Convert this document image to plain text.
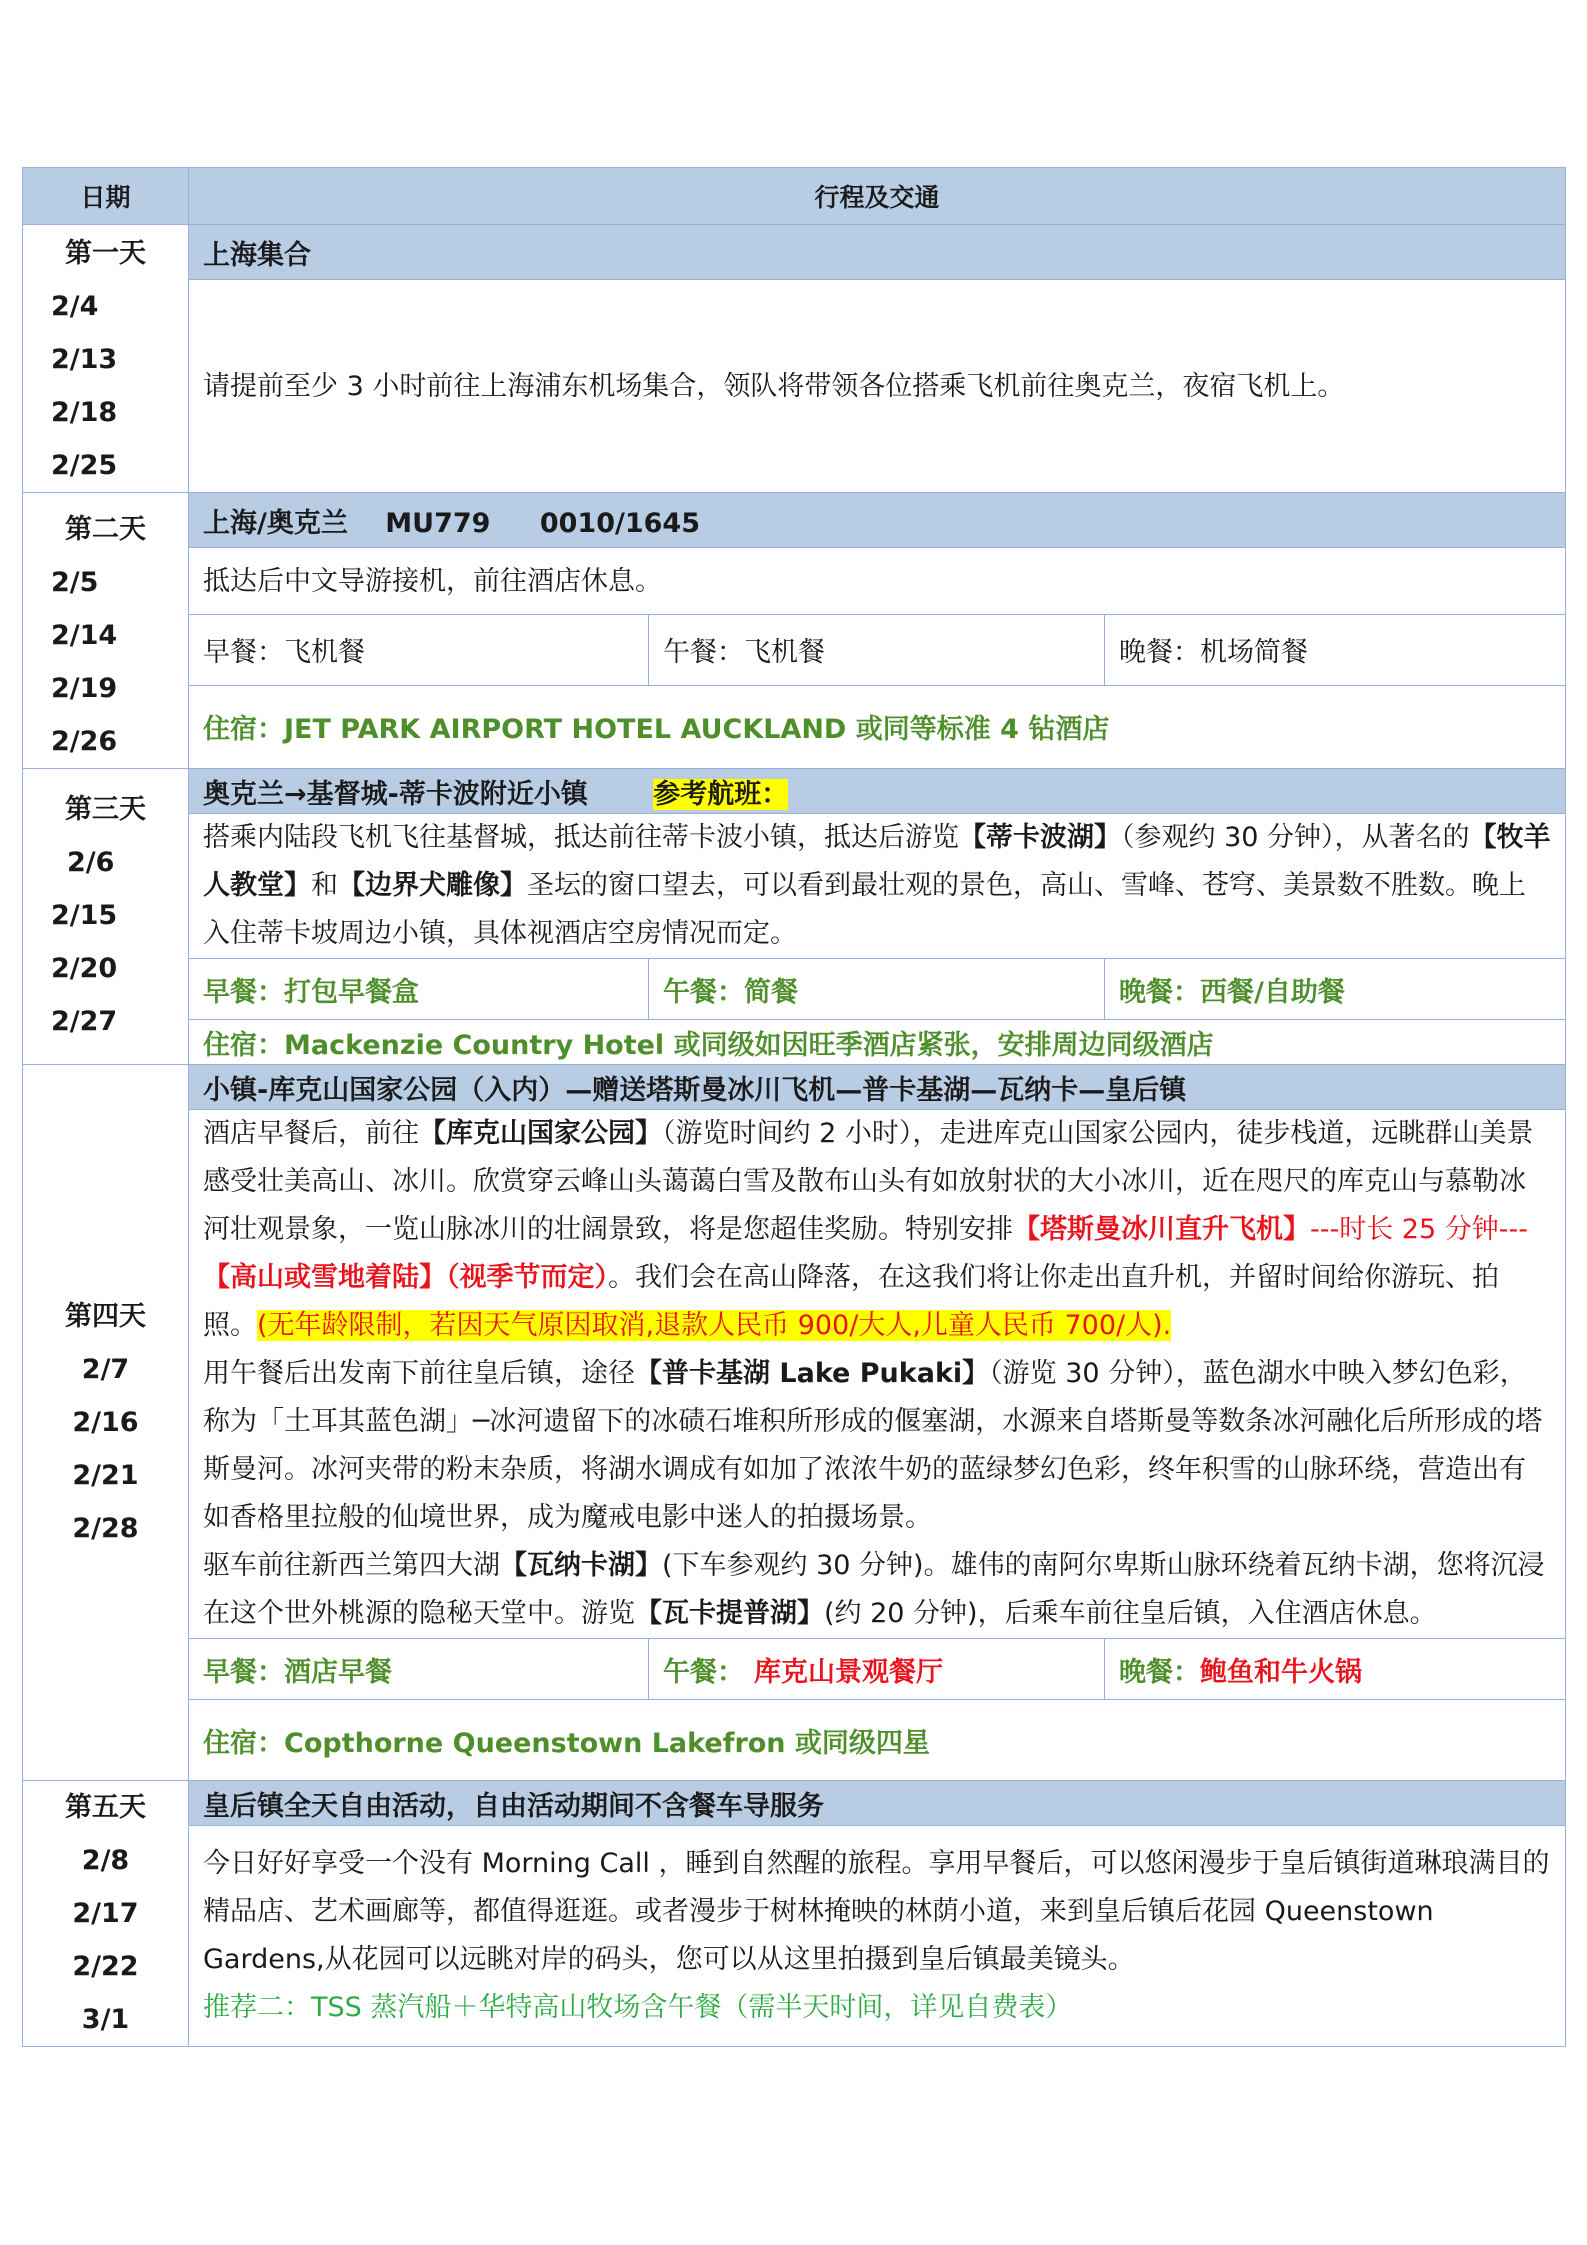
日期	行程及交通		

第一天
2/4
2/13
2/18
2/25	上海集合		
	请提前至少 3 小时前往上海浦东机场集合，领队将带领各位搭乘飞机前往奥克兰，夜宿飞机上。		

第二天
2/5
2/14
2/19
2/26	上海/奥克兰 MU779 0010/1645		
	抵达后中文导游接机，前往酒店休息。		
	早餐：飞机餐	午餐：飞机餐	晚餐：机场简餐
	住宿：JET PARK AIRPORT HOTEL AUCKLAND 或同等标准 4 钻酒店		

第三天
2/6
2/15
2/20
2/27	奥克兰→基督城-蒂卡波附近小镇 参考航班：		
	搭乘内陆段飞机飞往基督城，抵达前往蒂卡波小镇，抵达后游览【蒂卡波湖】（参观约 30 分钟），从著名的【牧羊人教堂】和【边界犬雕像】圣坛的窗口望去，可以看到最壮观的景色，高山、雪峰、苍穹、美景数不胜数。晚上入住蒂卡坡周边小镇，具体视酒店空房情况而定。		
	早餐：打包早餐盒	午餐：简餐	晚餐：西餐/自助餐
	住宿：Mackenzie Country Hotel 或同级如因旺季酒店紧张，安排周边同级酒店		

第四天
2/7
2/16
2/21
2/28	小镇-库克山国家公园（入内）—赠送塔斯曼冰川飞机—普卡基湖—瓦纳卡—皇后镇		

	酒店早餐后，前往【库克山国家公园】（游览时间约 2 小时），走进库克山国家公园内，徒步栈道，远眺群山美景感受壮美高山、冰川。欣赏穿云峰山头蔼蔼白雪及散布山头有如放射状的大小冰川，近在咫尺的库克山与慕勒冰河壮观景象，一览山脉冰川的壮阔景致，将是您超佳奖励。特别安排【塔斯曼冰川直升飞机】---时长 25 分钟---【高山或雪地着陆】（视季节而定）。我们会在高山降落，在这我们将让你走出直升机，并留时间给你游玩、拍照。(无年龄限制，若因天气原因取消,退款人民币 900/大人,儿童人民币 700/人).
用午餐后出发南下前往皇后镇，途径【普卡基湖 Lake Pukaki】（游览 30 分钟），蓝色湖水中映入梦幻色彩，称为「土耳其蓝色湖」─冰河遗留下的冰碛石堆积所形成的偃塞湖，水源来自塔斯曼等数条冰河融化后所形成的塔斯曼河。冰河夹带的粉末杂质，将湖水调成有如加了浓浓牛奶的蓝绿梦幻色彩，终年积雪的山脉环绕，营造出有如香格里拉般的仙境世界，成为魔戒电影中迷人的拍摄场景。
驱车前往新西兰第四大湖【瓦纳卡湖】(下车参观约 30 分钟)。雄伟的南阿尔卑斯山脉环绕着瓦纳卡湖，您将沉浸在这个世外桃源的隐秘天堂中。游览【瓦卡提普湖】(约 20 分钟)，后乘车前往皇后镇，入住酒店休息。		

	早餐：酒店早餐	午餐： 库克山景观餐厅	晚餐：鲍鱼和牛火锅
	住宿：Copthorne Queenstown Lakefron 或同级四星		

第五天
2/8
2/17
2/22
3/1	皇后镇全天自由活动，自由活动期间不含餐车导服务		

	今日好好享受一个没有 Morning Call ，睡到自然醒的旅程。享用早餐后，可以悠闲漫步于皇后镇街道琳琅满目的精品店、艺术画廊等，都值得逛逛。或者漫步于树林掩映的林荫小道，来到皇后镇后花园 Queenstown Gardens,从花园可以远眺对岸的码头，您可以从这里拍摄到皇后镇最美镜头。
推荐二：TSS 蒸汽船＋华特高山牧场含午餐（需半天时间，详见自费表）		
